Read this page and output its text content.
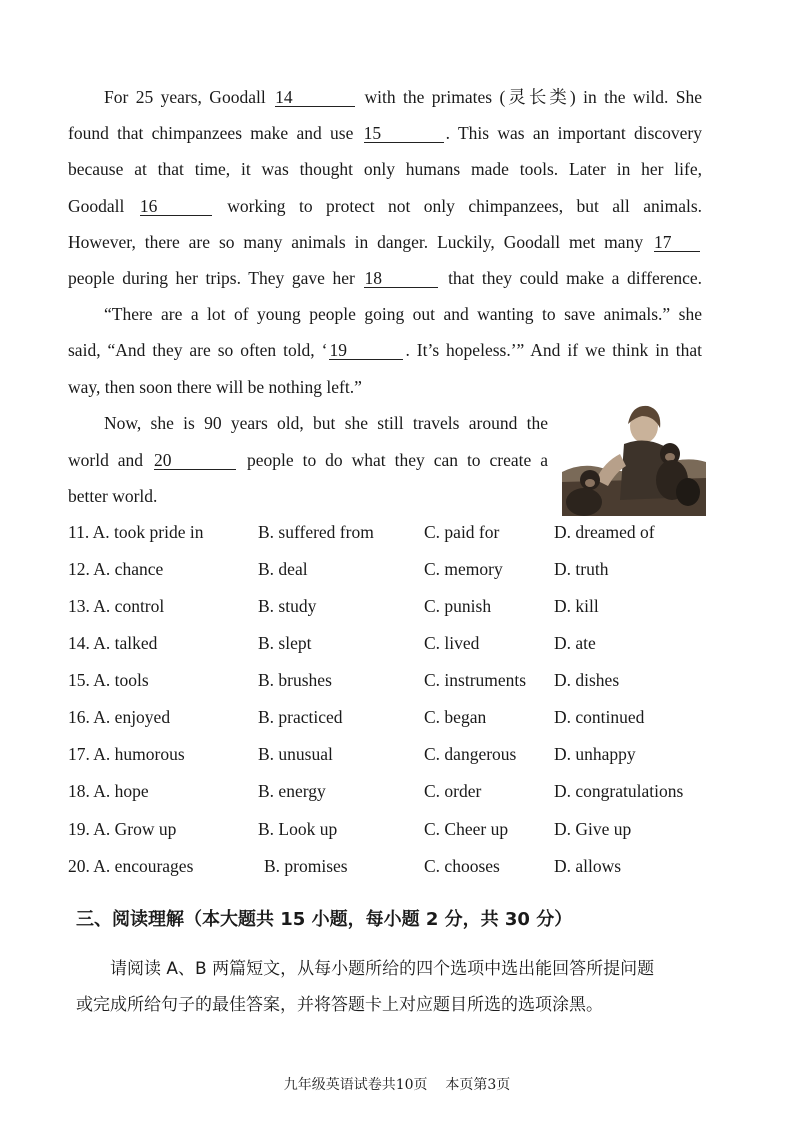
For 25 years, Goodall 14	with the primates (灵长类) in the wild. She
found that chimpanzees make and use 15	. This was an important discovery
because at that time, it was thought only humans made tools. Later in her life,
Goodall 16	working to protect not only chimpanzees, but all animals.
However, there are so many animals in danger. Luckily, Goodall met many 17
people during her trips. They gave her 18	that they could make a difference.
“There are a lot of young people going out and wanting to save animals.” she
said, “And they are so often told, ‘ 19	. It’s hopeless.’” And if we think in that
way, then soon there will be nothing left.”
Now, she is 90 years old, but she still travels around the
world and 20	people to do what they can to create a
better world.
11. A. took pride in	B. suffered from	C. paid for	D. dreamed of
12. A. chance	B. deal	C. memory	D. truth
13. A. control	B. study	C. punish	D. kill
14. A. talked	B. slept	C. lived	D. ate
15. A. tools	B. brushes	C. instruments D. dishes
16. A. enjoyed	B. practiced	C. began	D. continued
17. A. humorous	B. unusual	C. dangerous D. unhappy
18. A. hope	B. energy	C. order	D. congratulations
19. A. Grow up	B. Look up	C. Cheer up	D. Give up
20. A. encourages	B. promises	C. chooses	D. allows
三、阅读理解（本大题共 15 小题，每小题 2 分，共 30 分）
请阅读 A、B 两篇短文，从每小题所给的四个选项中选出能回答所提问题
或完成所给句子的最佳答案，并将答题卡上对应题目所选的选项涂黑。
九年级英语试卷共10页 本页第3页
